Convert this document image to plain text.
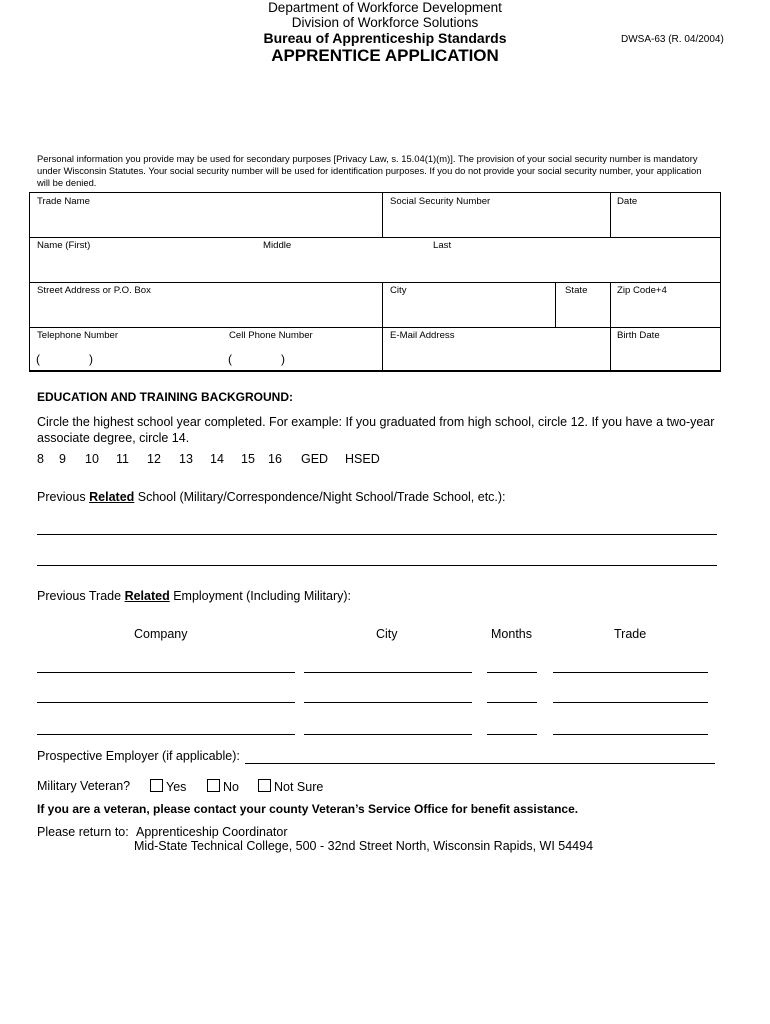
DWSA-63 (R. 04/2004)
Department of Workforce Development
Division of Workforce Solutions
Bureau of Apprenticeship Standards
APPRENTICE APPLICATION
Personal information you provide may be used for secondary purposes [Privacy Law, s. 15.04(1)(m)]. The provision of your social security number is mandatory under Wisconsin Statutes. Your social security number will be used for identification purposes. If you do not provide your social security number, your application will be denied.
Trade Name	Social Security Number	Date
Name (First)	Middle	Last
Street Address or P.O. Box	City	State	Zip Code+4
Telephone Number	Cell Phone Number	E-Mail Address	Birth Date
(	)	(	)
EDUCATION AND TRAINING BACKGROUND:
Circle the highest school year completed. For example: If you graduated from high school, circle 12. If you have a two-year associate degree, circle 14.
8 9 10 11 12 13 14 15 16 GED HSED
Previous Related School (Military/Correspondence/Night School/Trade School, etc.):
Previous Trade Related Employment (Including Military):
Company	City	Months	Trade
Prospective Employer (if applicable):
Military Veteran?	Yes	No	Not Sure
If you are a veteran, please contact your county Veteran’s Service Office for benefit assistance.
Please return to: Apprenticeship Coordinator
Mid-State Technical College, 500 - 32nd Street North, Wisconsin Rapids, WI 54494
